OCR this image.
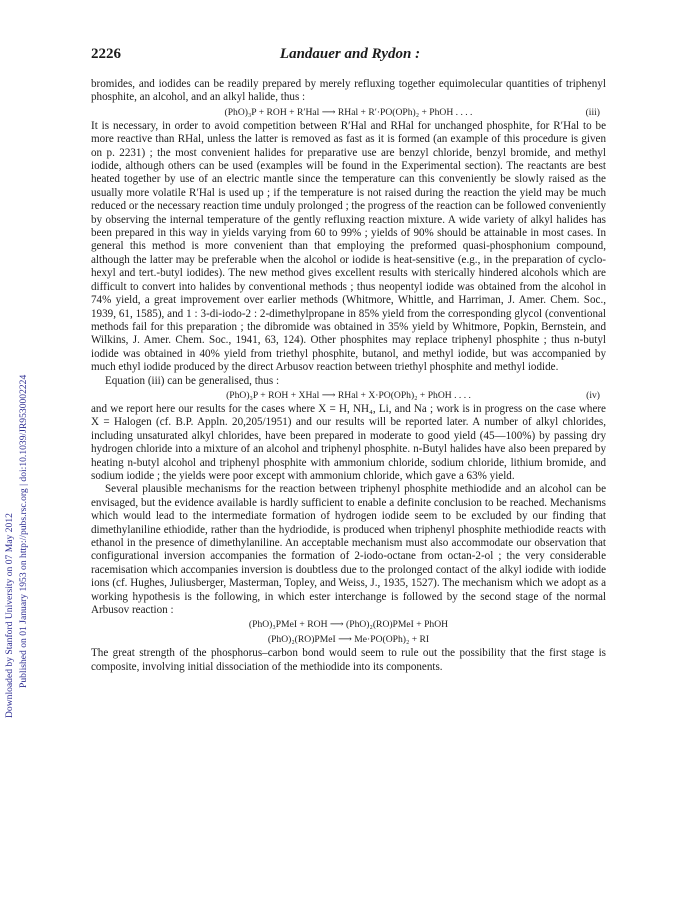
Downloaded by Stanford University on 07 May 2012 Published on 01 January 1953 on http://pubs.rsc.org | doi:10.1039/JR9530002224
2226	Landauer and Rydon :

bromides, and iodides can be readily prepared by merely refluxing together equimolecular quantities of triphenyl phosphite, an alcohol, and an alkyl halide, thus :

(PhO)₃P + ROH + R′Hal ⟶ RHal + R′·PO(OPh)₂ + PhOH . . . .	(iii)

It is necessary, in order to avoid competition between R′Hal and RHal for unchanged phosphite, for R′Hal to be more reactive than RHal, unless the latter is removed as fast as it is formed (an example of this procedure is given on p. 2231) ; the most convenient halides for preparative use are benzyl chloride, benzyl bromide, and methyl iodide, although others can be used (examples will be found in the Experimental section). The reactants are best heated together by use of an electric mantle since the temperature can this conveniently be slowly raised as the usually more volatile R′Hal is used up ; if the temperature is not raised during the reaction the yield may be much reduced or the necessary reaction time unduly prolonged ; the progress of the reaction can be followed conveniently by observing the internal temperature of the gently refluxing reaction mixture. A wide variety of alkyl halides has been prepared in this way in yields varying from 60 to 99% ; yields of 90% should be attainable in most cases. In general this method is more convenient than that employing the preformed quasi-phosphonium compound, although the latter may be preferable when the alcohol or iodide is heat-sensitive (e.g., in the preparation of cyclo-hexyl and tert.-butyl iodides). The new method gives excellent results with sterically hindered alcohols which are difficult to convert into halides by conventional methods ; thus neopentyl iodide was obtained from the alcohol in 74% yield, a great improvement over earlier methods (Whitmore, Whittle, and Harriman, J. Amer. Chem. Soc., 1939, 61, 1585), and 1 : 3-di-iodo-2 : 2-dimethylpropane in 85% yield from the corresponding glycol (conventional methods fail for this preparation ; the dibromide was obtained in 35% yield by Whitmore, Popkin, Bernstein, and Wilkins, J. Amer. Chem. Soc., 1941, 63, 124). Other phosphites may replace triphenyl phosphite ; thus n-butyl iodide was obtained in 40% yield from triethyl phosphite, butanol, and methyl iodide, but was accompanied by much ethyl iodide produced by the direct Arbusov reaction between triethyl phosphite and methyl iodide.

Equation (iii) can be generalised, thus :

(PhO)₃P + ROH + XHal ⟶ RHal + X·PO(OPh)₂ + PhOH . . . .	(iv)

and we report here our results for the cases where X = H, NH₄, Li, and Na ; work is in progress on the case where X = Halogen (cf. B.P. Appln. 20,205/1951) and our results will be reported later. A number of alkyl chlorides, including unsaturated alkyl chlorides, have been prepared in moderate to good yield (45—100%) by passing dry hydrogen chloride into a mixture of an alcohol and triphenyl phosphite. n-Butyl halides have also been prepared by heating n-butyl alcohol and triphenyl phosphite with ammonium chloride, sodium chloride, lithium bromide, and sodium iodide ; the yields were poor except with ammonium chloride, which gave a 63% yield.

Several plausible mechanisms for the reaction between triphenyl phosphite methiodide and an alcohol can be envisaged, but the evidence available is hardly sufficient to enable a definite conclusion to be reached. Mechanisms which would lead to the intermediate formation of hydrogen iodide seem to be excluded by our finding that dimethylaniline ethiodide, rather than the hydriodide, is produced when triphenyl phosphite methiodide reacts with ethanol in the presence of dimethylaniline. An acceptable mechanism must also accommodate our observation that configurational inversion accompanies the formation of 2-iodo-octane from octan-2-ol ; the very considerable racemisation which accompanies inversion is doubtless due to the prolonged contact of the alkyl iodide with iodide ions (cf. Hughes, Juliusberger, Masterman, Topley, and Weiss, J., 1935, 1527). The mechanism which we adopt as a working hypothesis is the following, in which ester interchange is followed by the second stage of the normal Arbusov reaction :

(PhO)₃PMeI + ROH ⟶ (PhO)₂(RO)PMeI + PhOH
(PhO)₂(RO)PMeI ⟶ Me·PO(OPh)₂ + RI

The great strength of the phosphorus–carbon bond would seem to rule out the possibility that the first stage is composite, involving initial dissociation of the methiodide into its components.
